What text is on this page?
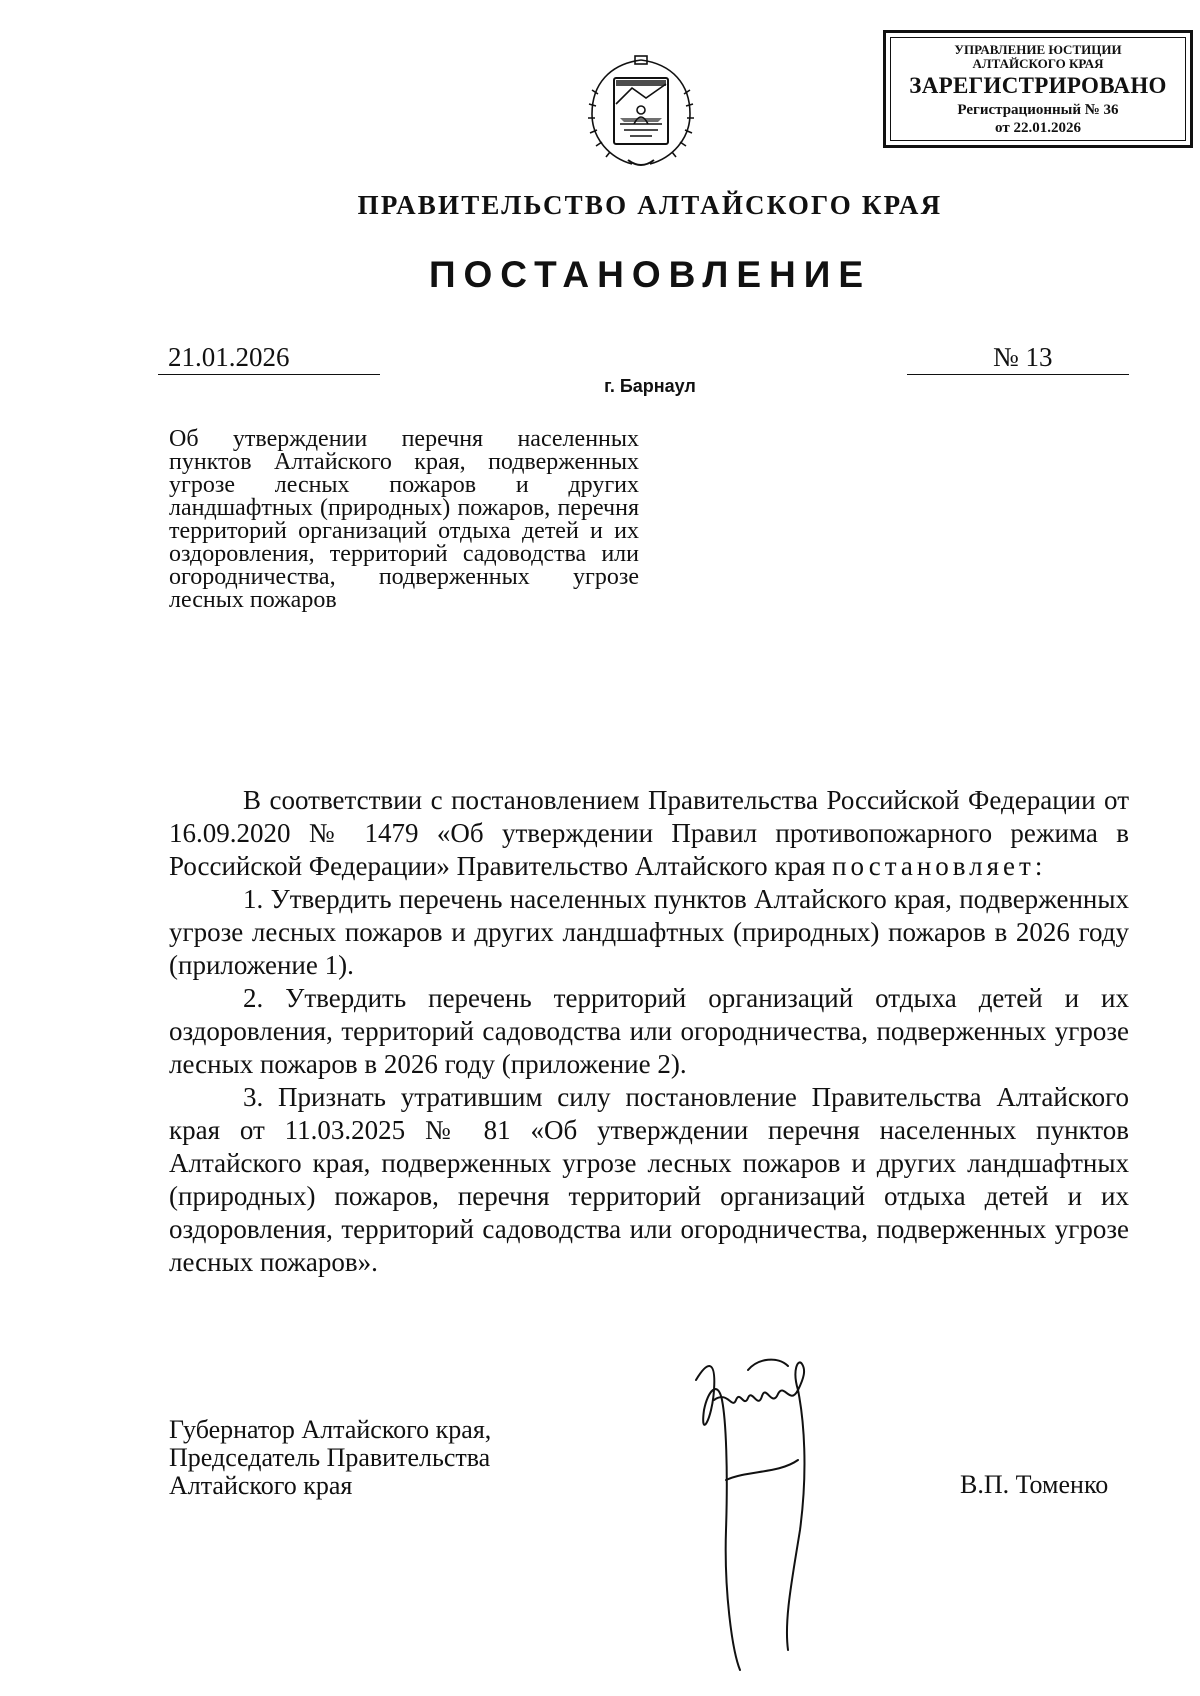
УПРАВЛЕНИЕ ЮСТИЦИИ
АЛТАЙСКОГО КРАЯ
ЗАРЕГИСТРИРОВАНО
Регистрационный № 36
от 22.01.2026
ПРАВИТЕЛЬСТВО АЛТАЙСКОГО КРАЯ
ПОСТАНОВЛЕНИЕ
21.01.2026	№ 13
г. Барнаул
Об утверждении перечня населенных пунктов Алтайского края, подверженных угрозе лесных пожаров и других ландшафтных (природных) пожаров, перечня территорий организаций отдыха детей и их оздоровления, территорий садоводства или огородничества, подверженных угрозе лесных пожаров

В соответствии с постановлением Правительства Российской Федерации от 16.09.2020 № 1479 «Об утверждении Правил противопожарного режима в Российской Федерации» Правительство Алтайского края постановляет:

1. Утвердить перечень населенных пунктов Алтайского края, подверженных угрозе лесных пожаров и других ландшафтных (природных) пожаров в 2026 году (приложение 1).

2. Утвердить перечень территорий организаций отдыха детей и их оздоровления, территорий садоводства или огородничества, подверженных угрозе лесных пожаров в 2026 году (приложение 2).

3. Признать утратившим силу постановление Правительства Алтайского края от 11.03.2025 № 81 «Об утверждении перечня населенных пунктов Алтайского края, подверженных угрозе лесных пожаров и других ландшафтных (природных) пожаров, перечня территорий организаций отдыха детей и их оздоровления, территорий садоводства или огородничества, подверженных угрозе лесных пожаров».

Губернатор Алтайского края,
Председатель Правительства
Алтайского края	В.П. Томенко
